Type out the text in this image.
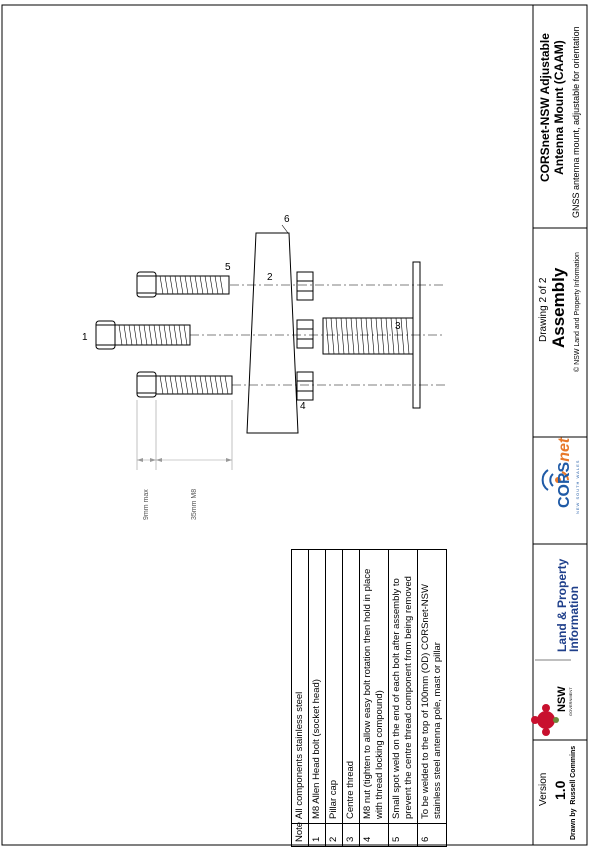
1
2
3
4
5
6
9mm max	35mm M8
Note	All components stainless steel
1	M8 Allen Head bolt (socket head)
2	Pillar cap
3	Centre thread
4	M8 nut (tighten to allow easy bolt rotation then hold in place with thread locking compound)
5	Small spot weld on the end of each bolt after assembly to prevent the centre thread component from being removed
6	To be welded to the top of 100mm (OD) CORSnet-NSW stainless steel antenna pole, mast or pillar
CORSnet-NSW Adjustable Antenna Mount (CAAM) GNSS antenna mount, adjustable for orientation
Drawing 2 of 2 Assembly © NSW Land and Property Information
CORSnet
NEW SOUTH WALES
NSW GOVERNMENT
Land & Property
Information
Version 1.0
Drawn by  Russell Commins
